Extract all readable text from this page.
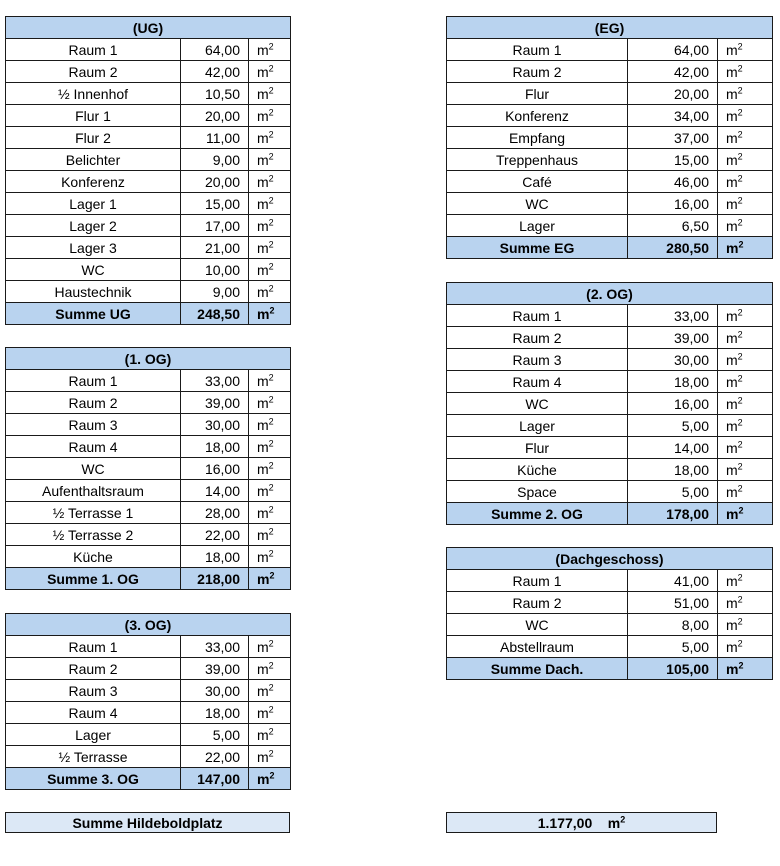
(UG)		
Raum 1	64,00	$m^2$
Raum 2	42,00	$m^2$
½ Innenhof	10,50	$m^2$
Flur 1	20,00	$m^2$
Flur 2	11,00	$m^2$
Belichter	9,00	$m^2$
Konferenz	20,00	$m^2$
Lager 1	15,00	$m^2$
Lager 2	17,00	$m^2$
Lager 3	21,00	$m^2$
WC	10,00	$m^2$
Haustechnik	9,00	$m^2$
Summe UG	248,50	$m^2$
(1. OG)		
Raum 1	33,00	$m^2$
Raum 2	39,00	$m^2$
Raum 3	30,00	$m^2$
Raum 4	18,00	$m^2$
WC	16,00	$m^2$
Aufenthaltsraum	14,00	$m^2$
½ Terrasse 1	28,00	$m^2$
½ Terrasse 2	22,00	$m^2$
Küche	18,00	$m^2$
Summe 1. OG	218,00	$m^2$
(3. OG)		
Raum 1	33,00	$m^2$
Raum 2	39,00	$m^2$
Raum 3	30,00	$m^2$
Raum 4	18,00	$m^2$
Lager	5,00	$m^2$
½ Terrasse	22,00	$m^2$
Summe 3. OG	147,00	$m^2$
(EG)		
Raum 1	64,00	$m^2$
Raum 2	42,00	$m^2$
Flur	20,00	$m^2$
Konferenz	34,00	$m^2$
Empfang	37,00	$m^2$
Treppenhaus	15,00	$m^2$
Café	46,00	$m^2$
WC	16,00	$m^2$
Lager	6,50	$m^2$
Summe EG	280,50	$m^2$
(2. OG)		
Raum 1	33,00	$m^2$
Raum 2	39,00	$m^2$
Raum 3	30,00	$m^2$
Raum 4	18,00	$m^2$
WC	16,00	$m^2$
Lager	5,00	$m^2$
Flur	14,00	$m^2$
Küche	18,00	$m^2$
Space	5,00	$m^2$
Summe 2. OG	178,00	$m^2$
(Dachgeschoss)		
Raum 1	41,00	$m^2$
Raum 2	51,00	$m^2$
WC	8,00	$m^2$
Abstellraum	5,00	$m^2$
Summe Dach.	105,00	$m^2$
Summe Hildeboldplatz	1.177,00 $m^2$
